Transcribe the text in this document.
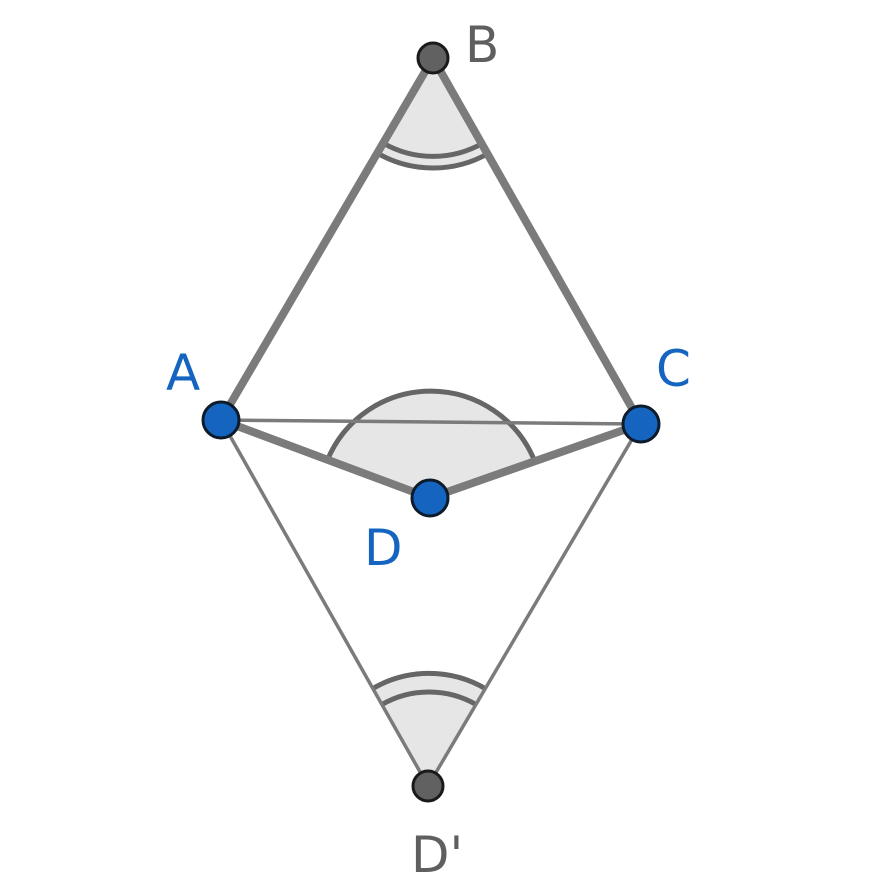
B
A	C
D
D'
